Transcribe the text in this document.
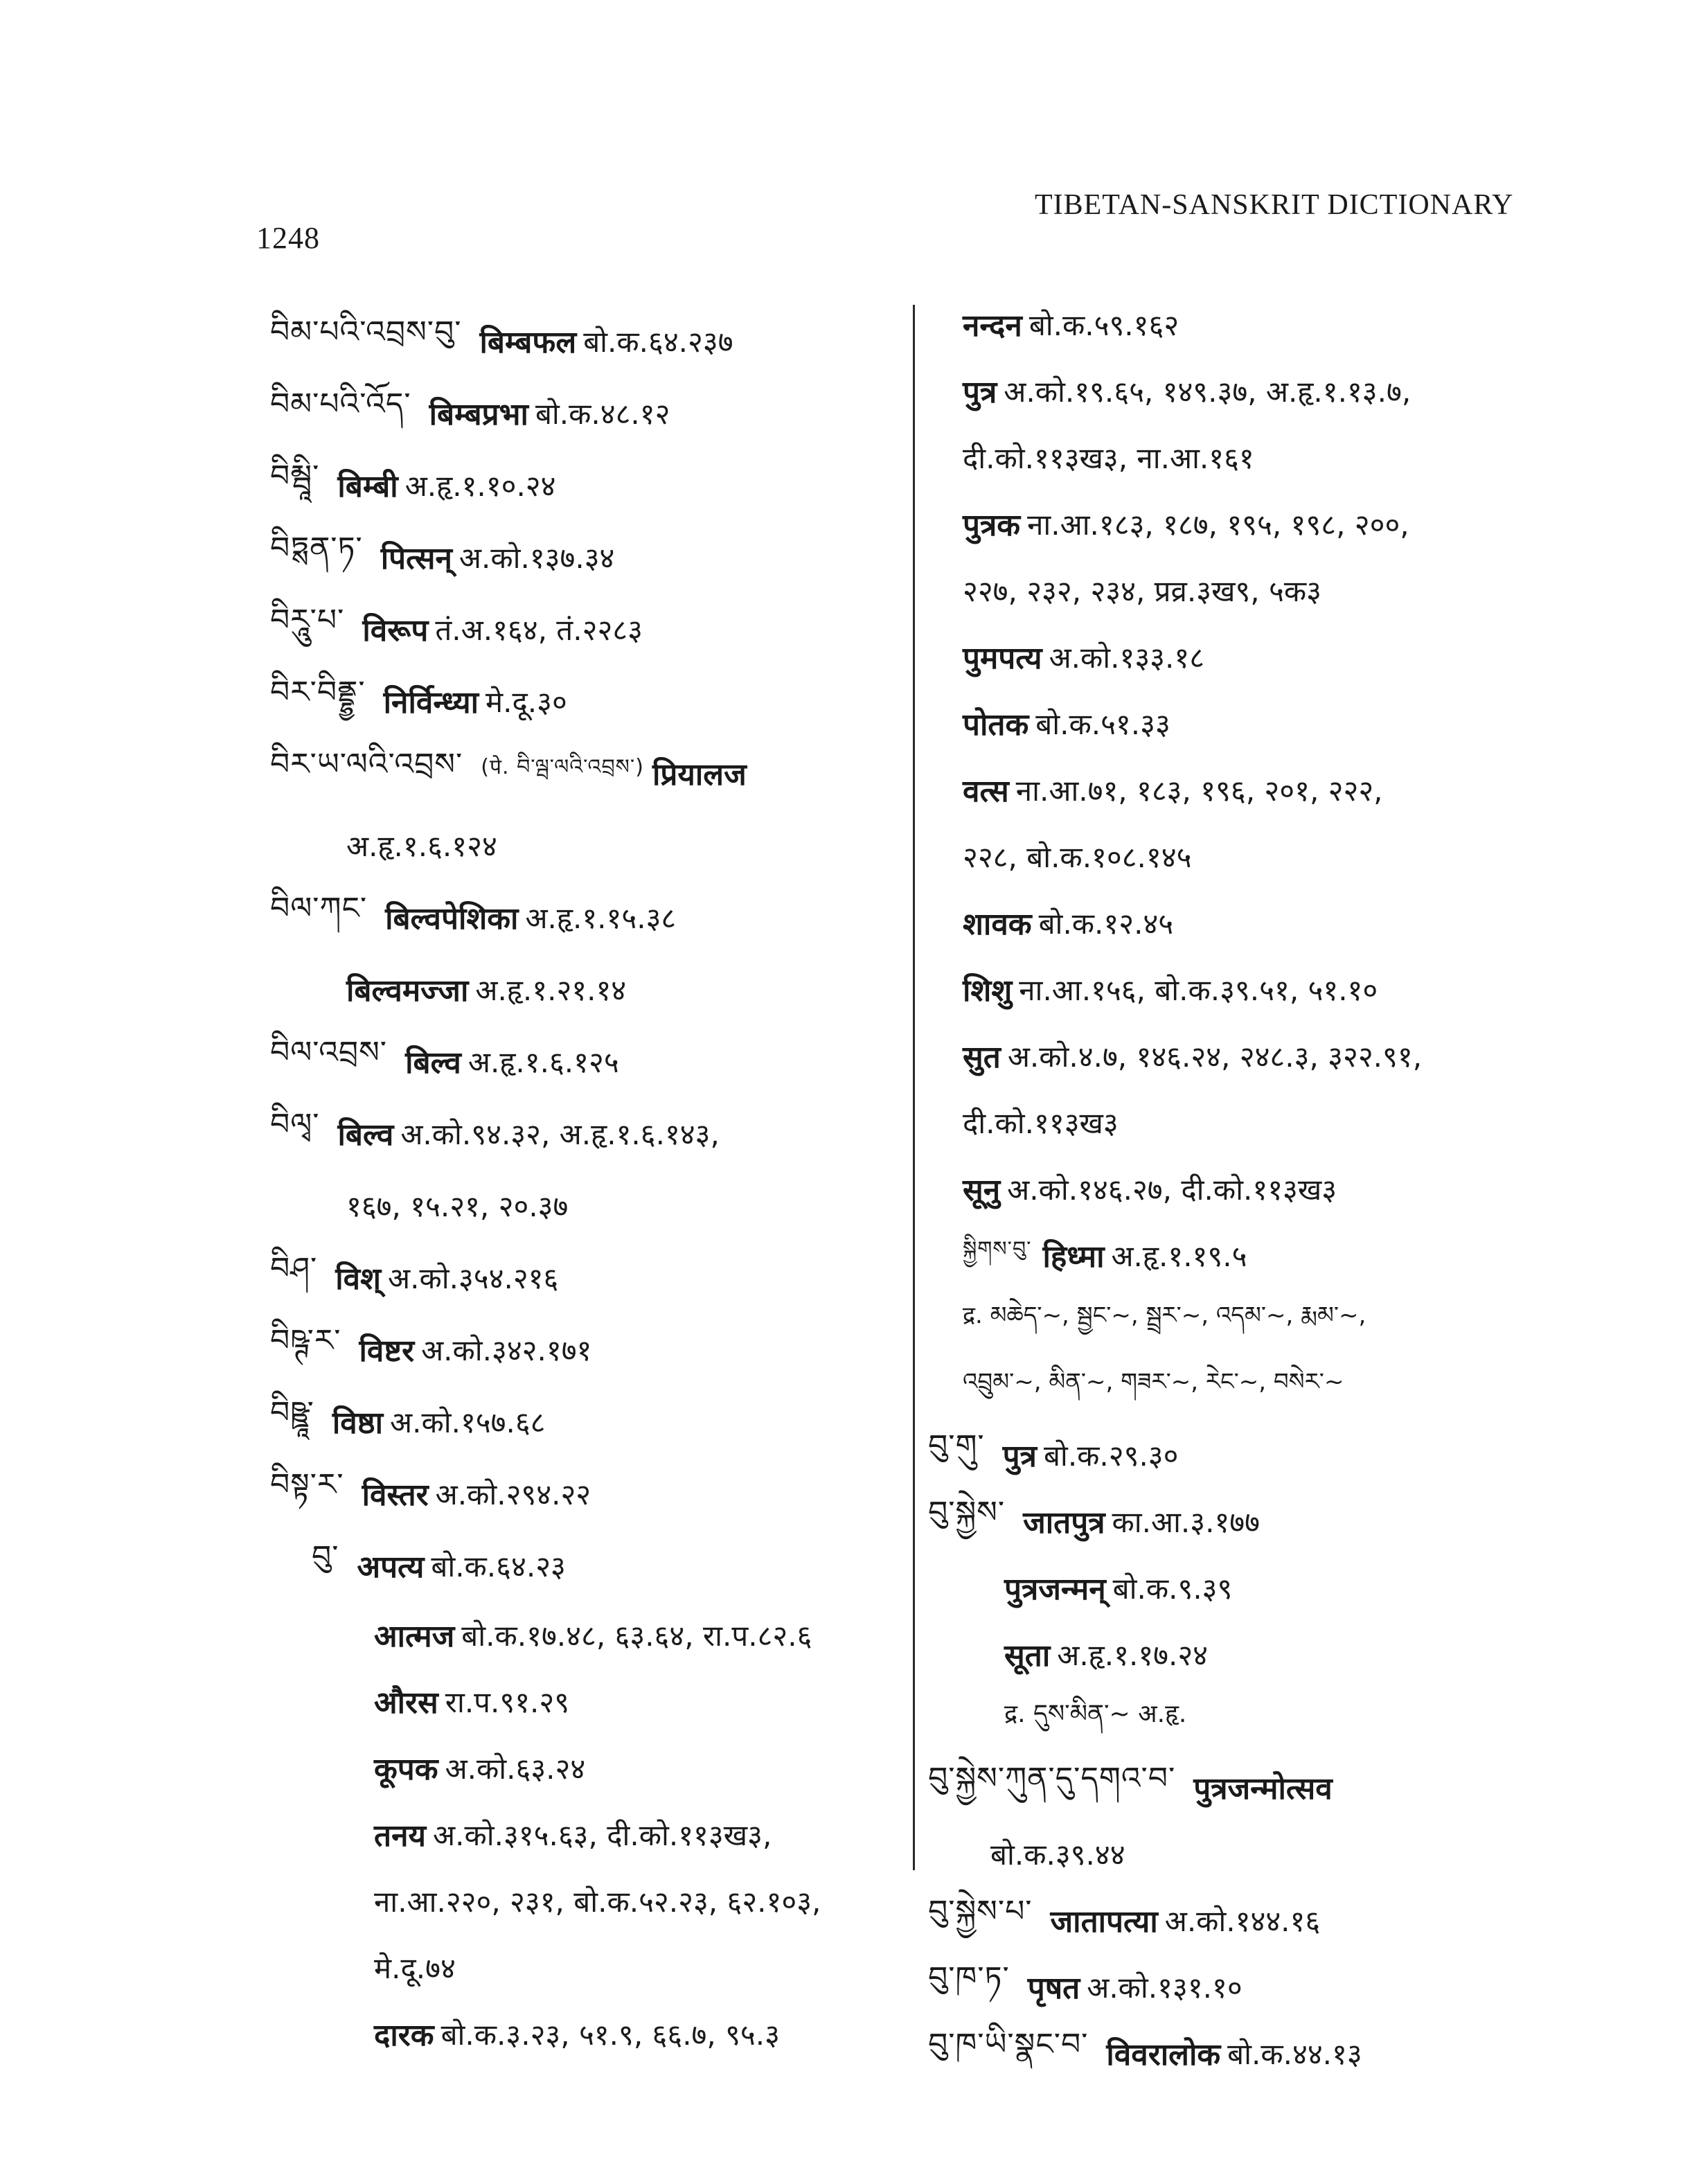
1248
TIBETAN-SANSKRIT DICTIONARY
བིམ་པའི་འབྲས་བུ་ बिम्बफल बो.क.६४.२३७
བིམ་པའི་འོད་ बिम्बप्रभा बो.क.४८.१२
བིམྦཱི་ बिम्बी अ.हृ.१.१०.२४
བིཏྶན་ཏ་ पित्सन् अ.को.१३७.३४
བིརཱུ་པ་ विरूप तं.अ.१६४, तं.२२८३
བིར་བིནྡྷྱ་ निर्विन्ध्या मे.दू.३०
བིར་ཡ་ལའི་འབྲས་ (पे. བི་ལྦ་ལའི་འབྲས་) प्रियालज
अ.हृ.१.६.१२४
བིལ་ཀང་ बिल्वपेशिका अ.हृ.१.१५.३८
बिल्वमज्जा अ.हृ.१.२१.१४
བིལ་འབྲས་ बिल्व अ.हृ.१.६.१२५
བིལྭ་ बिल्व अ.को.९४.३२, अ.हृ.१.६.१४३,
१६७, १५.२१, २०.३७
བིཤ་ विश् अ.को.३५४.२१६
བིཥྚ་ར་ विष्टर अ.को.३४२.१७१
བིཥྛཱ་ विष्ठा अ.को.१५७.६८
བིསྟ་ར་ विस्तर अ.को.२९४.२२
བུ་ अपत्य बो.क.६४.२३
आत्मज बो.क.१७.४८, ६३.६४, रा.प.८२.६
औरस रा.प.९१.२९
कूपक अ.को.६३.२४
तनय अ.को.३१५.६३, दी.को.११३ख३,
ना.आ.२२०, २३१, बो.क.५२.२३, ६२.१०३,
मे.दू.७४
दारक बो.क.३.२३, ५१.९, ६६.७, ९५.३
नन्दन बो.क.५९.१६२
पुत्र अ.को.१९.६५, १४९.३७, अ.हृ.१.१३.७,
दी.को.११३ख३, ना.आ.१६१
पुत्रक ना.आ.१८३, १८७, १९५, १९८, २००,
२२७, २३२, २३४, प्रव्र.३ख९, ५क३
पुमपत्य अ.को.१३३.१८
पोतक बो.क.५१.३३
वत्स ना.आ.७१, १८३, १९६, २०१, २२२,
२२८, बो.क.१०८.१४५
शावक बो.क.१२.४५
शिशु ना.आ.१५६, बो.क.३९.५१, ५१.१०
सुत अ.को.४.७, १४६.२४, २४८.३, ३२२.९१,
दी.को.११३ख३
सूनु अ.को.१४६.२७, दी.को.११३ख३
སྐྱིགས་བུ་ हिध्मा अ.हृ.१.१९.५
द्र. མཆེད་~, སྦྱང་~, སྦྲར་~, འདམ་~, རྨམ་~,
འབྲུམ་~, མིན་~, གཟར་~, རེང་~, བསེར་~
བུ་གུ་ पुत्र बो.क.२९.३०
བུ་སྐྱེས་ जातपुत्र का.आ.३.१७७
पुत्रजन्मन् बो.क.९.३९
सूता अ.हृ.१.१७.२४
द्र. དུས་མིན་~ अ.हृ.
བུ་སྐྱེས་ཀུན་དུ་དགའ་བ་ पुत्रजन्मोत्सव
बो.क.३९.४४
བུ་སྐྱེས་པ་ जातापत्या अ.को.१४४.१६
བུ་ཁ་ཏ་ पृषत अ.को.१३१.१०
བུ་ཁ་ཡི་སྣང་བ་ विवरालोक बो.क.४४.१३
